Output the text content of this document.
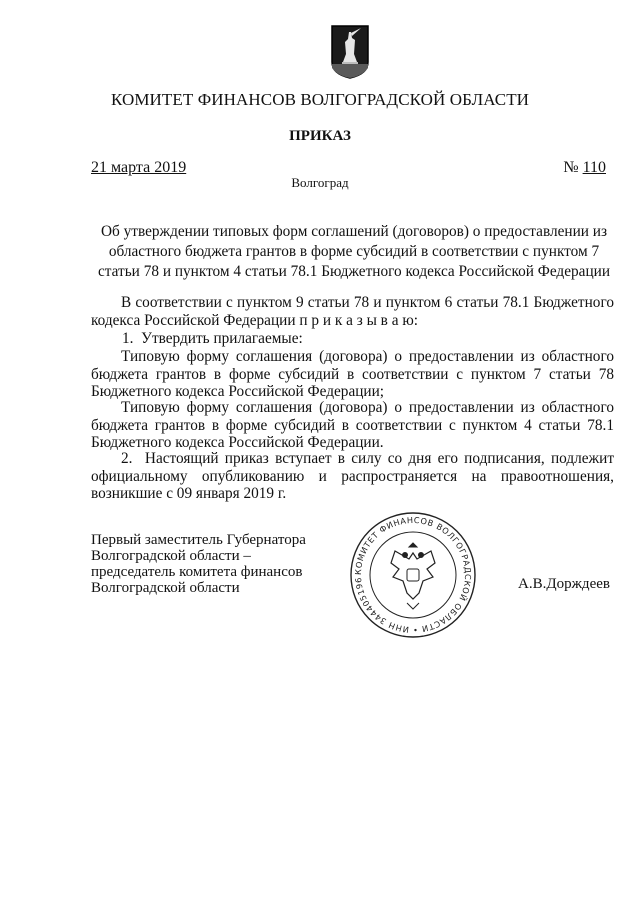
КОМИТЕТ ФИНАНСОВ ВОЛГОГРАДСКОЙ ОБЛАСТИ
ПРИКАЗ
21 марта 2019	№ 110
Волгоград
Об утверждении типовых форм соглашений (договоров) о предоставлении из
областного бюджета грантов в форме субсидий в соответствии с пунктом 7
статьи 78 и пунктом 4 статьи 78.1 Бюджетного кодекса Российской Федерации
В соответствии с пунктом 9 статьи 78 и пунктом 6 статьи 78.1 Бюджетного кодекса Российской Федерации п р и к а з ы в а ю:
1.  Утвердить прилагаемые:
Типовую форму соглашения (договора) о предоставлении из областного бюджета грантов в форме субсидий в соответствии с пунктом 7 статьи 78 Бюджетного кодекса Российской Федерации;
Типовую форму соглашения (договора) о предоставлении из областного бюджета грантов в форме субсидий в соответствии с пунктом 4 статьи 78.1 Бюджетного кодекса Российской Федерации.
2.  Настоящий приказ вступает в силу со дня его подписания, подлежит официальному опубликованию и распространяется на правоотношения, возникшие с 09 января 2019 г.
Первый заместитель Губернатора
Волгоградской области –
председатель комитета финансов
Волгоградской области
КОМИТЕТ ФИНАНСОВ ВОЛГОГРАДСКОЙ ОБЛАСТИ • ИНН 344405196	А.В.Дорждеев
